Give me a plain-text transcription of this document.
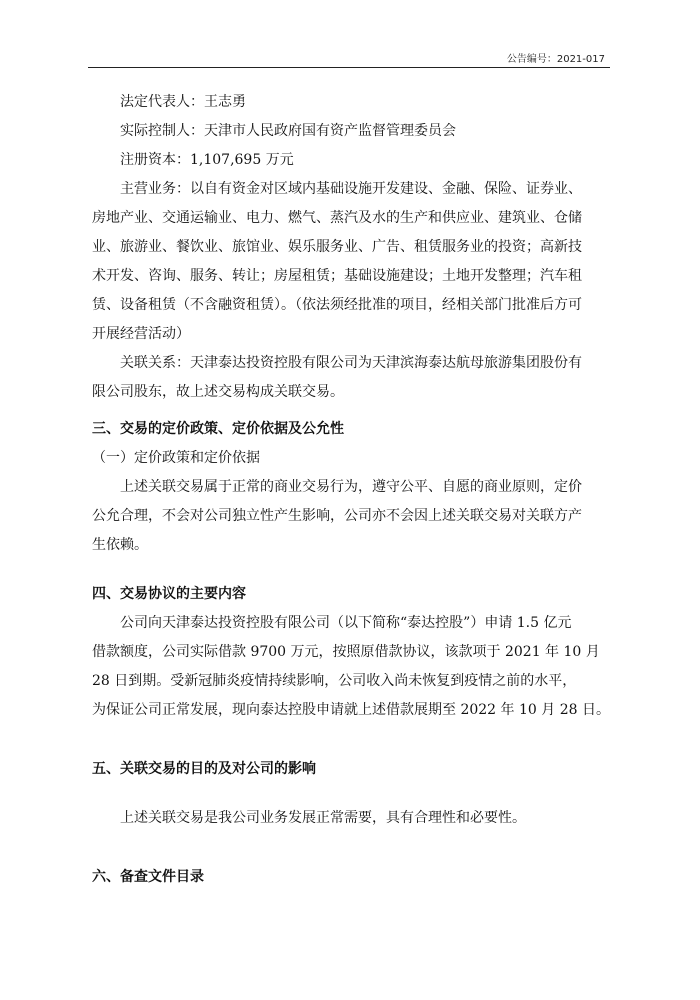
公告编号：2021-017
法定代表人：王志勇
实际控制人：天津市人民政府国有资产监督管理委员会
注册资本：1,107,695 万元
主营业务：以自有资金对区域内基础设施开发建设、金融、保险、证券业、
房地产业、交通运输业、电力、燃气、蒸汽及水的生产和供应业、建筑业、仓储
业、旅游业、餐饮业、旅馆业、娱乐服务业、广告、租赁服务业的投资；高新技
术开发、咨询、服务、转让；房屋租赁；基础设施建设；土地开发整理；汽车租
赁、设备租赁（不含融资租赁）。（依法须经批准的项目，经相关部门批准后方可
开展经营活动）
关联关系：天津泰达投资控股有限公司为天津滨海泰达航母旅游集团股份有
限公司股东，故上述交易构成关联交易。
三、交易的定价政策、定价依据及公允性
（一）定价政策和定价依据
上述关联交易属于正常的商业交易行为，遵守公平、自愿的商业原则，定价
公允合理，不会对公司独立性产生影响，公司亦不会因上述关联交易对关联方产
生依赖。
四、交易协议的主要内容
公司向天津泰达投资控股有限公司（以下简称“泰达控股”）申请 1.5 亿元
借款额度，公司实际借款 9700 万元，按照原借款协议，该款项于 2021 年 10 月
28 日到期。受新冠肺炎疫情持续影响，公司收入尚未恢复到疫情之前的水平，
为保证公司正常发展，现向泰达控股申请就上述借款展期至 2022 年 10 月 28 日。
五、关联交易的目的及对公司的影响
上述关联交易是我公司业务发展正常需要，具有合理性和必要性。
六、备查文件目录
